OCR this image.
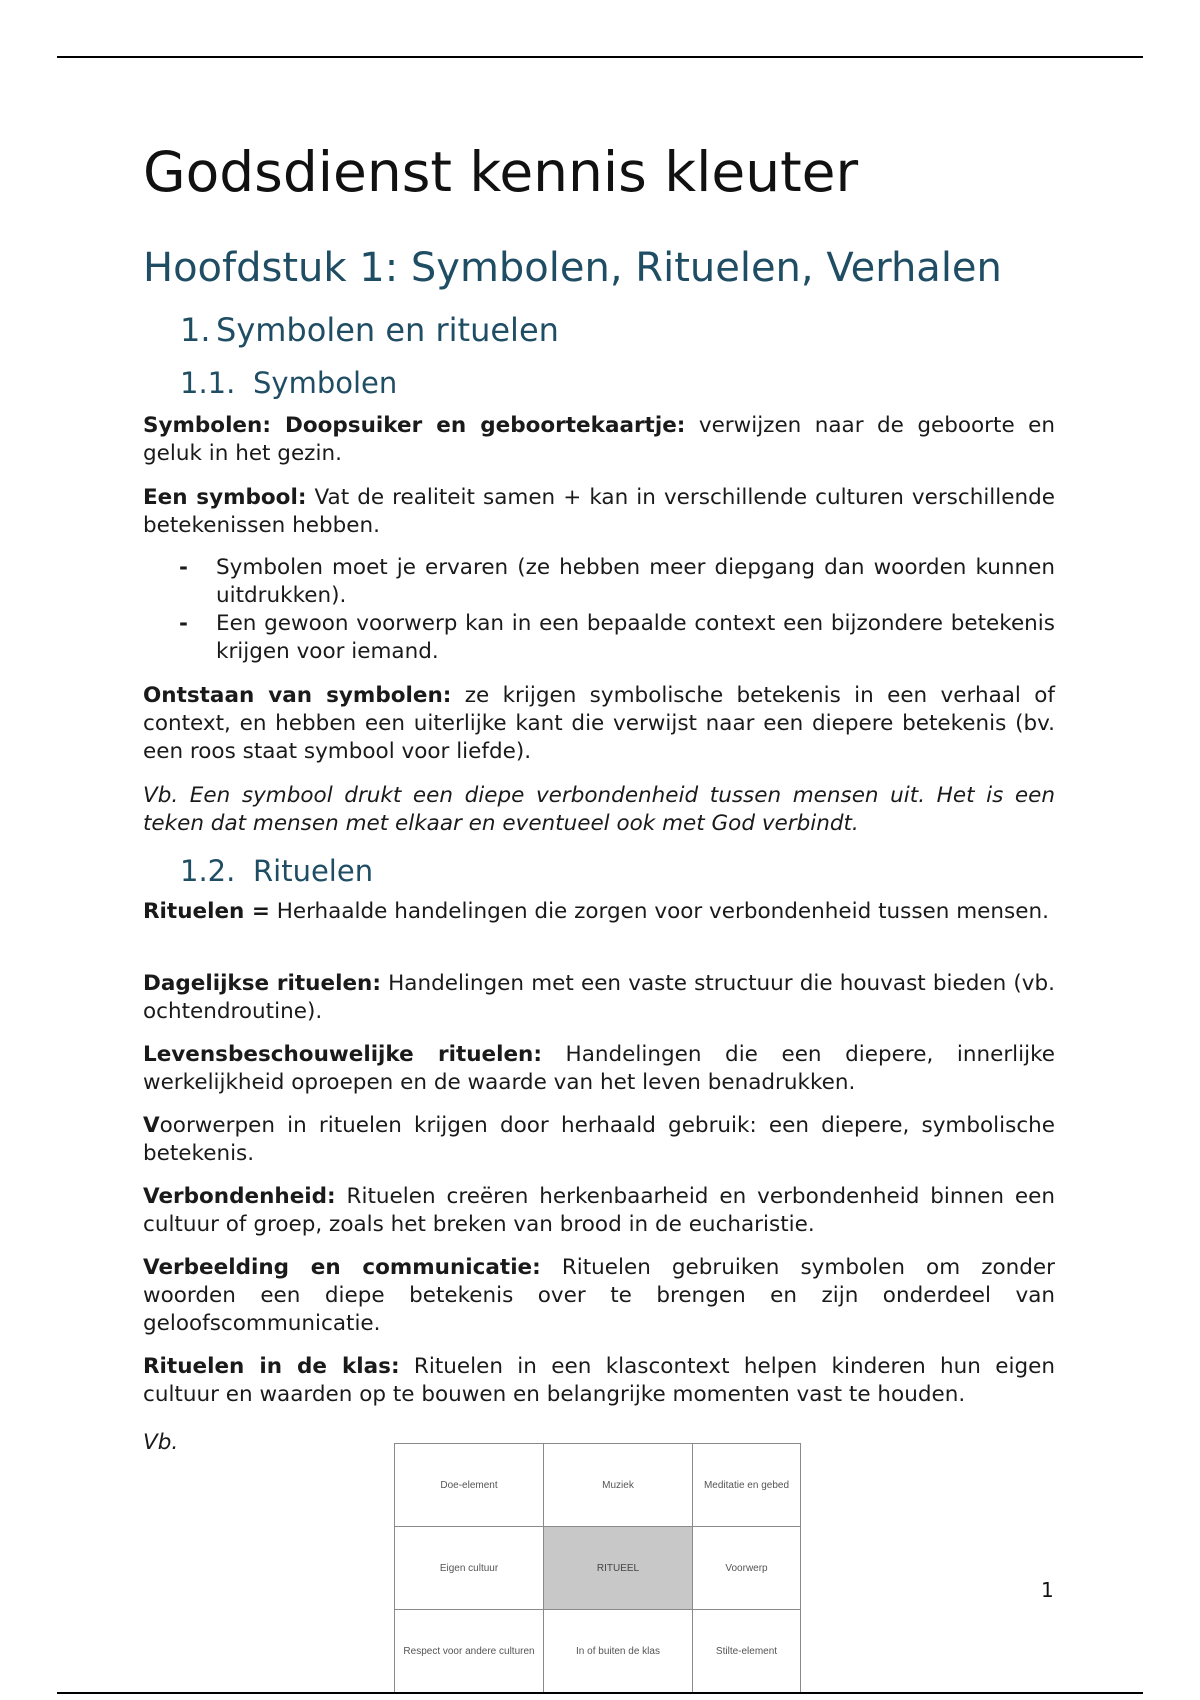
Godsdienst kennis kleuter
Hoofdstuk 1: Symbolen, Rituelen, Verhalen
1. Symbolen en rituelen
1.1. Symbolen

Symbolen: Doopsuiker en geboortekaartje: verwijzen naar de geboorte en geluk in het gezin.

Een symbool: Vat de realiteit samen + kan in verschillende culturen verschillende betekenissen hebben.

- Symbolen moet je ervaren (ze hebben meer diepgang dan woorden kunnen uitdrukken).
- Een gewoon voorwerp kan in een bepaalde context een bijzondere betekenis krijgen voor iemand.

Ontstaan van symbolen: ze krijgen symbolische betekenis in een verhaal of context, en hebben een uiterlijke kant die verwijst naar een diepere betekenis (bv. een roos staat symbool voor liefde).

Vb. Een symbool drukt een diepe verbondenheid tussen mensen uit. Het is een teken dat mensen met elkaar en eventueel ook met God verbindt.

1.2. Rituelen

Rituelen = Herhaalde handelingen die zorgen voor verbondenheid tussen mensen.

Dagelijkse rituelen: Handelingen met een vaste structuur die houvast bieden (vb. ochtendroutine).

Levensbeschouwelijke rituelen: Handelingen die een diepere, innerlijke werkelijkheid oproepen en de waarde van het leven benadrukken.

Voorwerpen in rituelen krijgen door herhaald gebruik: een diepere, symbolische betekenis.

Verbondenheid: Rituelen creëren herkenbaarheid en verbondenheid binnen een cultuur of groep, zoals het breken van brood in de eucharistie.

Verbeelding en communicatie: Rituelen gebruiken symbolen om zonder woorden een diepe betekenis over te brengen en zijn onderdeel van geloofscommunicatie.

Rituelen in de klas: Rituelen in een klascontext helpen kinderen hun eigen cultuur en waarden op te bouwen en belangrijke momenten vast te houden.

Vb.

Doe-element	Muziek	Meditatie en gebed
Eigen cultuur	RITUEEL	Voorwerp
Respect voor andere culturen	In of buiten de klas	Stilte-element
1
